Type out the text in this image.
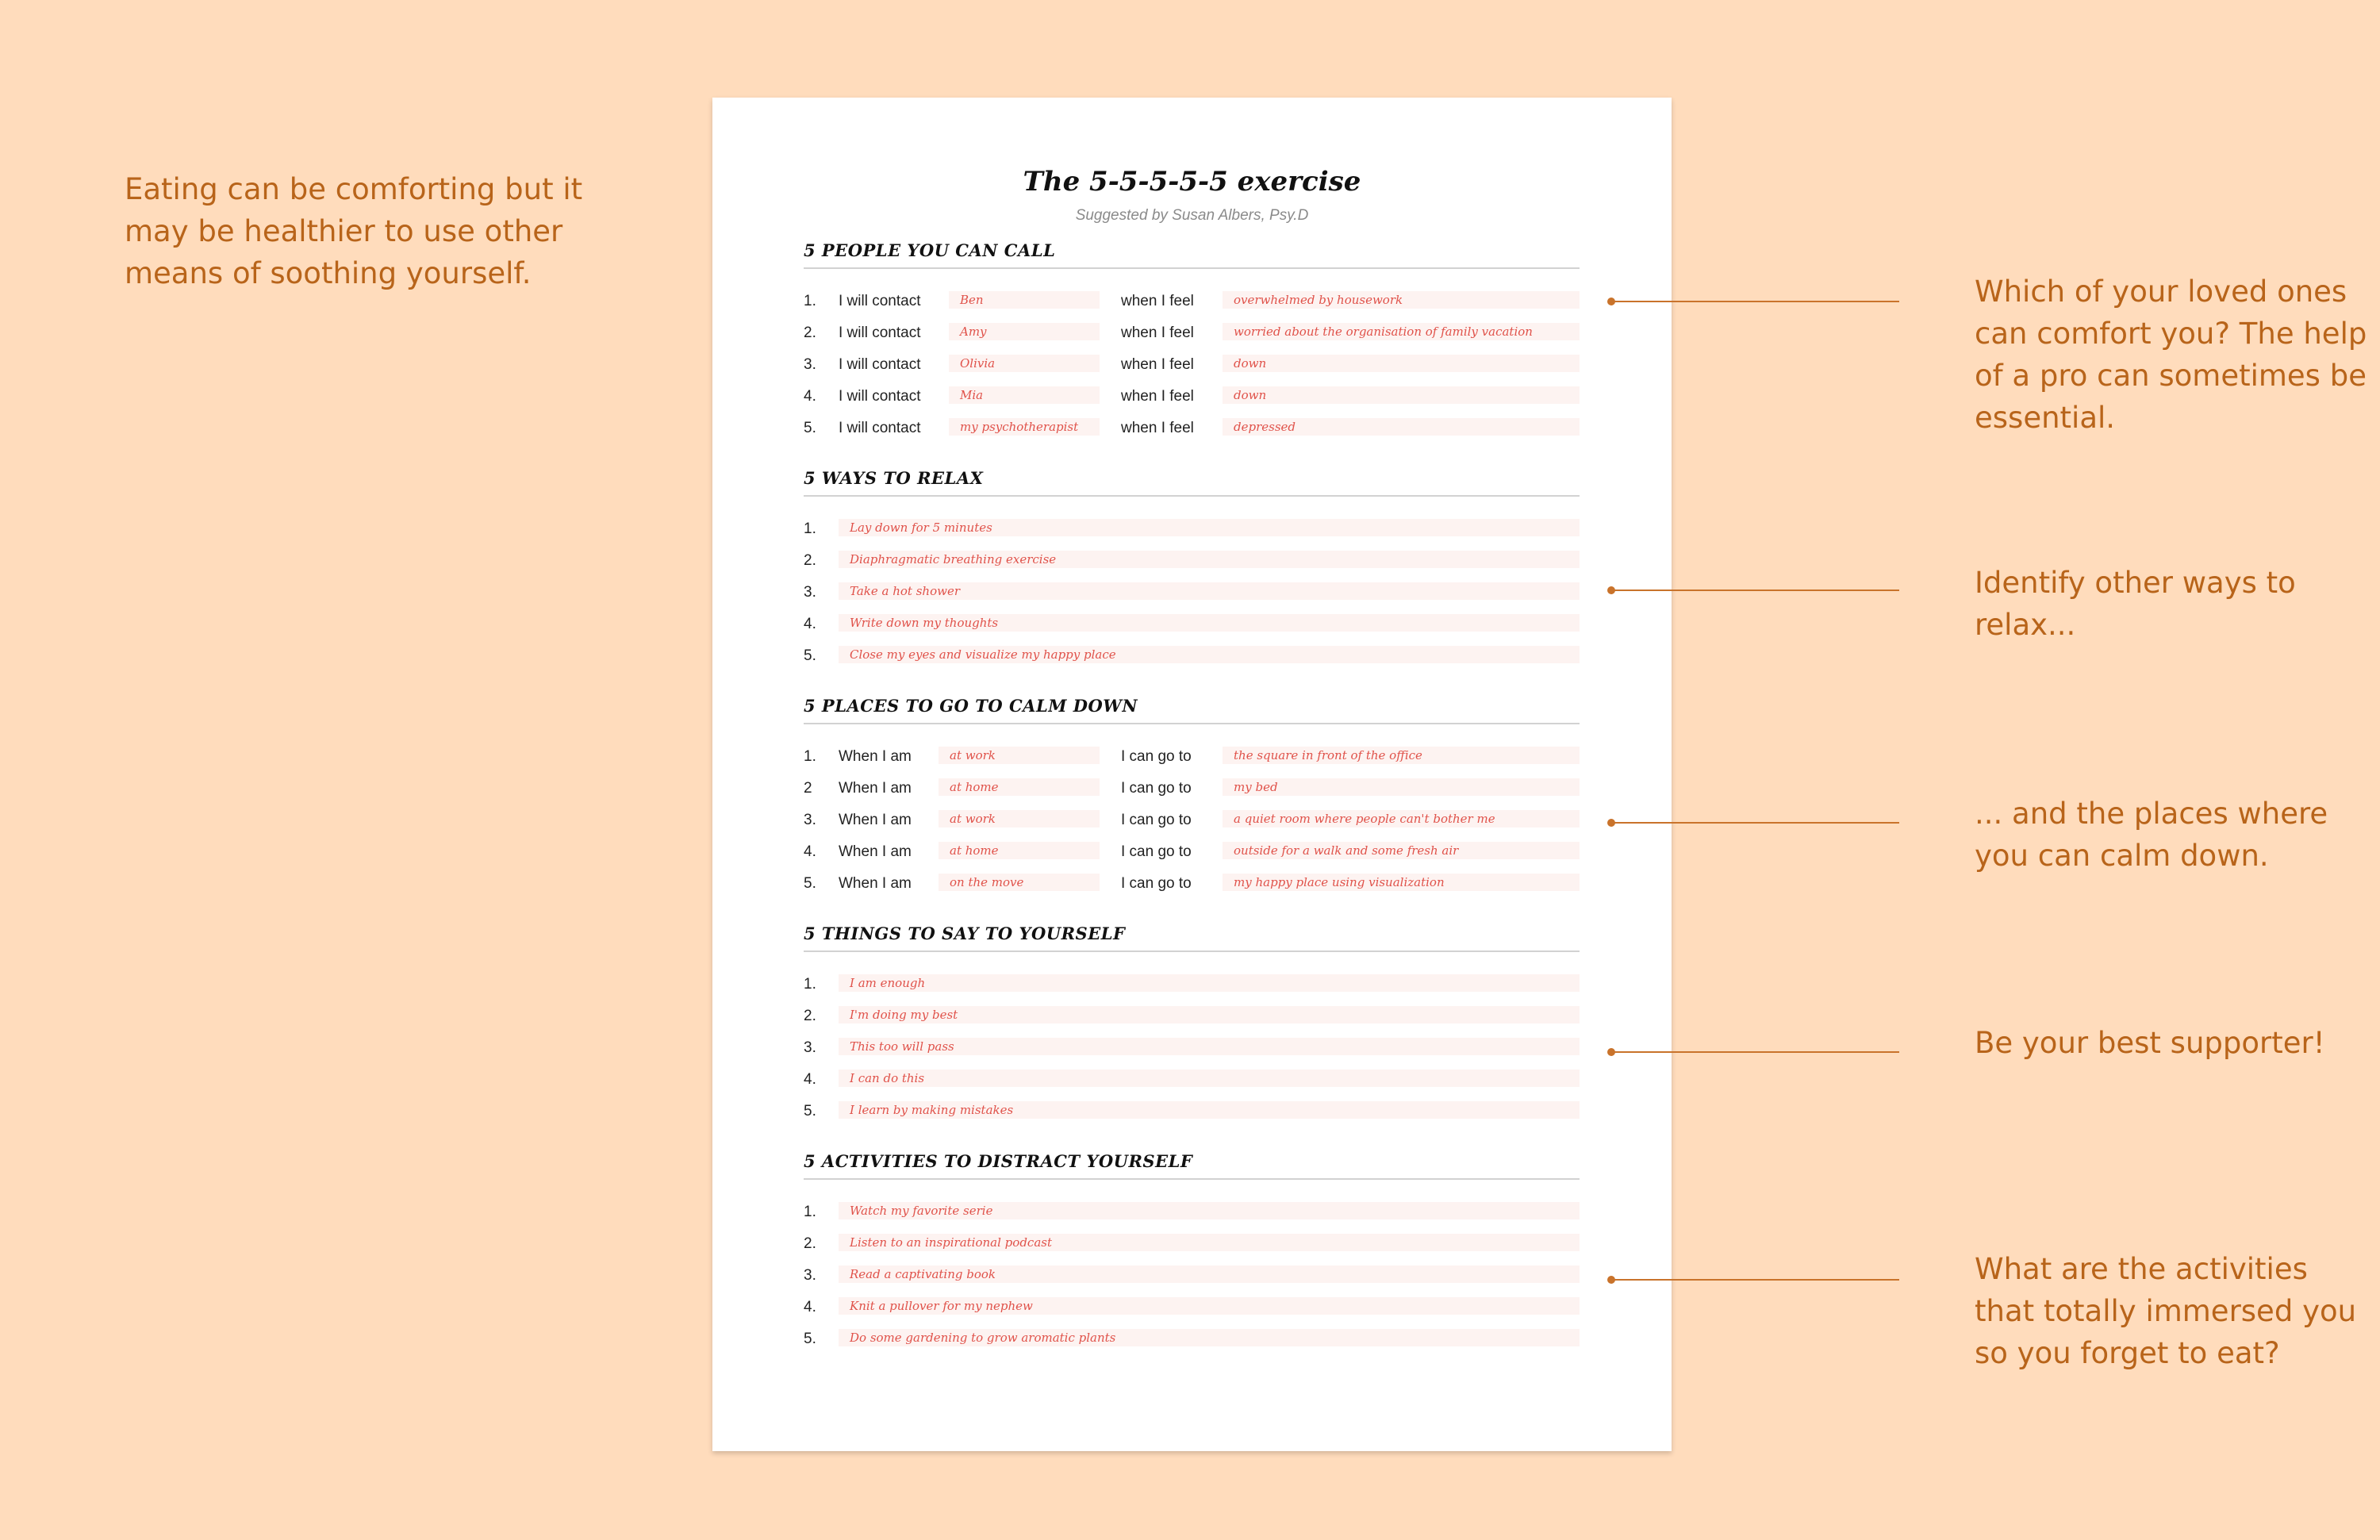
Eating can be comforting but it may be healthier to use other means of soothing yourself.
The 5-5-5-5-5 exercise
Suggested by Susan Albers, Psy.D
5 PEOPLE YOU CAN CALL
1. I will contact	Ben	when I feel	overwhelmed by housework
2. I will contact	Amy	when I feel	worried about the organisation of family vacation
3. I will contact	Olivia	when I feel	down
4. I will contact	Mia	when I feel	down
5. I will contact	my psychotherapist	when I feel	depressed
5 WAYS TO RELAX
1.	Lay down for 5 minutes
2.	Diaphragmatic breathing exercise
3.	Take a hot shower
4.	Write down my thoughts
5.	Close my eyes and visualize my happy place
5 PLACES TO GO TO CALM DOWN
1. When I am	at work	I can go to	the square in front of the office
2 When I am	at home	I can go to	my bed
3. When I am	at work	I can go to	a quiet room where people can't bother me
4. When I am	at home	I can go to	outside for a walk and some fresh air
5. When I am	on the move	I can go to	my happy place using visualization
5 THINGS TO SAY TO YOURSELF
1.	I am enough
2.	I'm doing my best
3.	This too will pass
4.	I can do this
5.	I learn by making mistakes
5 ACTIVITIES TO DISTRACT YOURSELF
1.	Watch my favorite serie
2.	Listen to an inspirational podcast
3.	Read a captivating book
4.	Knit a pullover for my nephew
5.	Do some gardening to grow aromatic plants
Which of your loved ones can comfort you? The help of a pro can sometimes be essential.
Identify other ways to relax...
... and the places where you can calm down.
Be your best supporter!
What are the activities that totally immersed you so you forget to eat?
